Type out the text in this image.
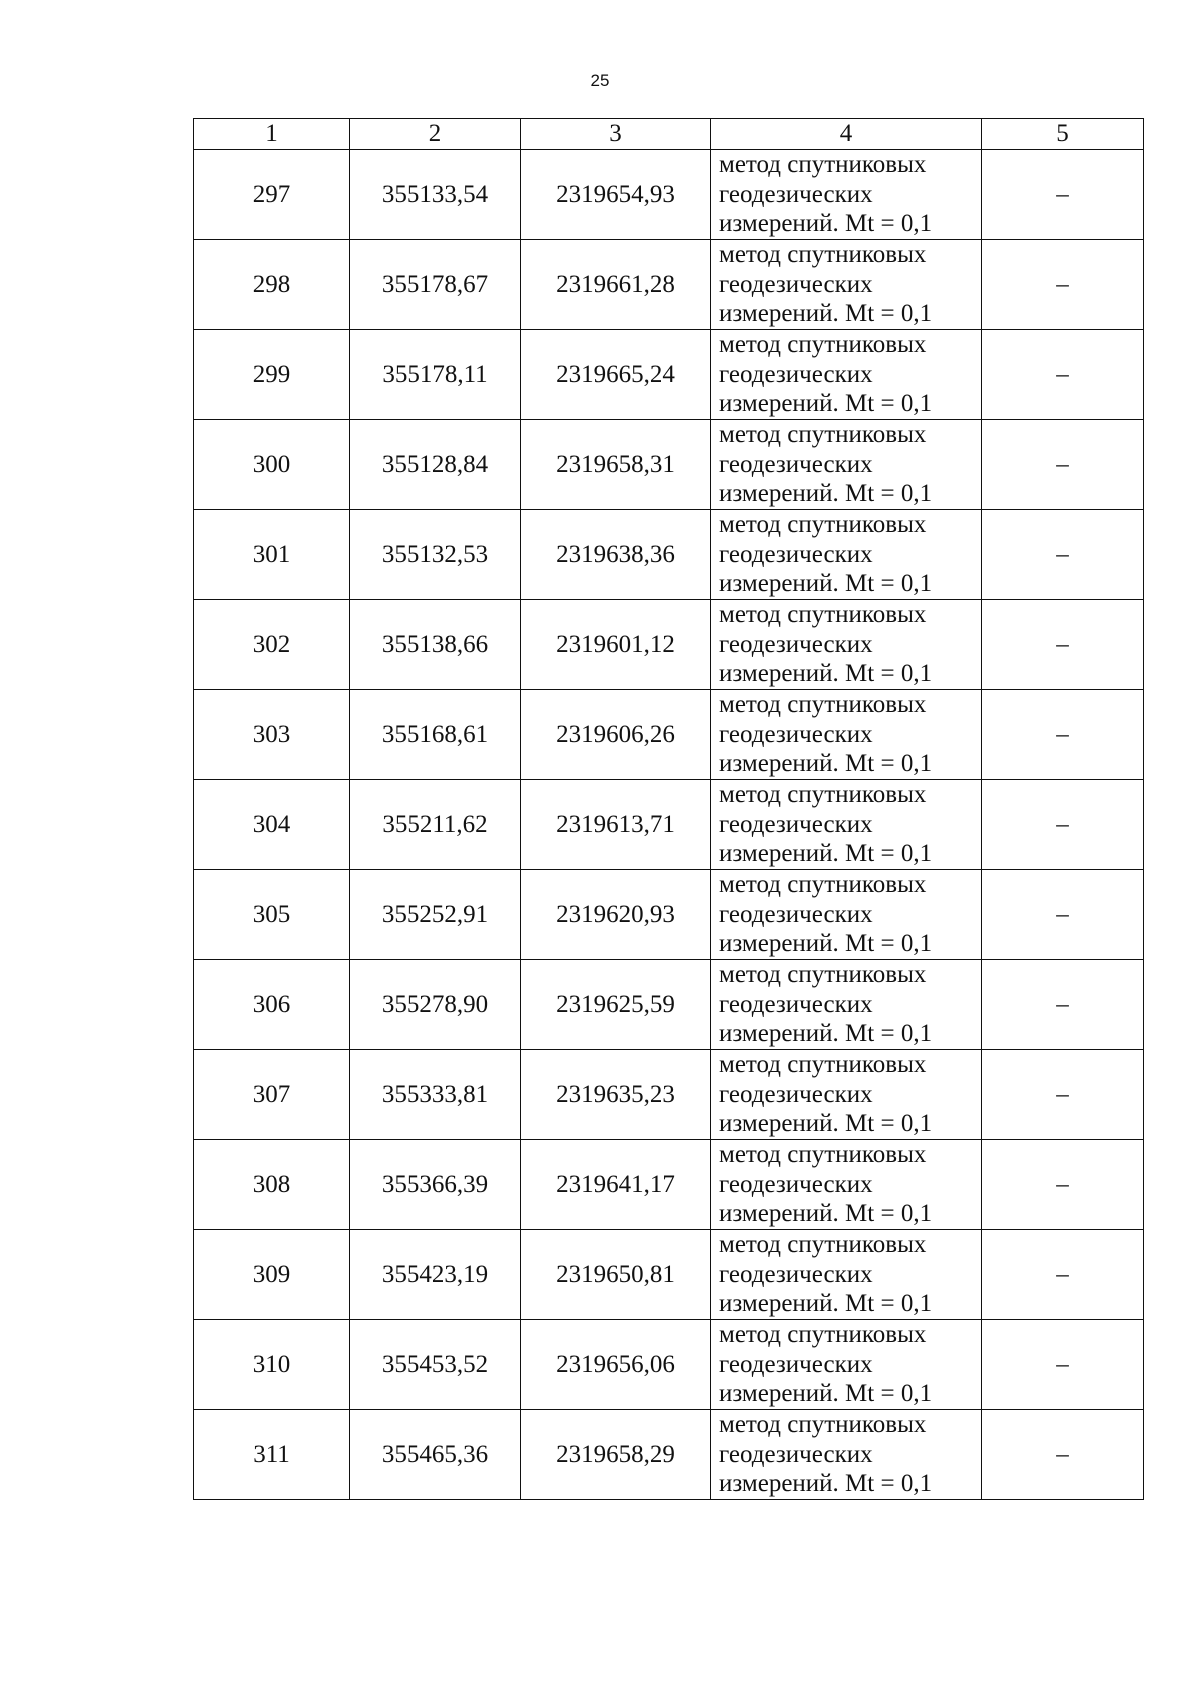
25
1	2	3	4	5
297	355133,54	2319654,93	метод спутниковых
геодезических
измерений. Mt = 0,1	–
298	355178,67	2319661,28	метод спутниковых
геодезических
измерений. Mt = 0,1	–
299	355178,11	2319665,24	метод спутниковых
геодезических
измерений. Mt = 0,1	–
300	355128,84	2319658,31	метод спутниковых
геодезических
измерений. Mt = 0,1	–
301	355132,53	2319638,36	метод спутниковых
геодезических
измерений. Mt = 0,1	–
302	355138,66	2319601,12	метод спутниковых
геодезических
измерений. Mt = 0,1	–
303	355168,61	2319606,26	метод спутниковых
геодезических
измерений. Mt = 0,1	–
304	355211,62	2319613,71	метод спутниковых
геодезических
измерений. Mt = 0,1	–
305	355252,91	2319620,93	метод спутниковых
геодезических
измерений. Mt = 0,1	–
306	355278,90	2319625,59	метод спутниковых
геодезических
измерений. Mt = 0,1	–
307	355333,81	2319635,23	метод спутниковых
геодезических
измерений. Mt = 0,1	–
308	355366,39	2319641,17	метод спутниковых
геодезических
измерений. Mt = 0,1	–
309	355423,19	2319650,81	метод спутниковых
геодезических
измерений. Mt = 0,1	–
310	355453,52	2319656,06	метод спутниковых
геодезических
измерений. Mt = 0,1	–
311	355465,36	2319658,29	метод спутниковых
геодезических
измерений. Mt = 0,1	–
